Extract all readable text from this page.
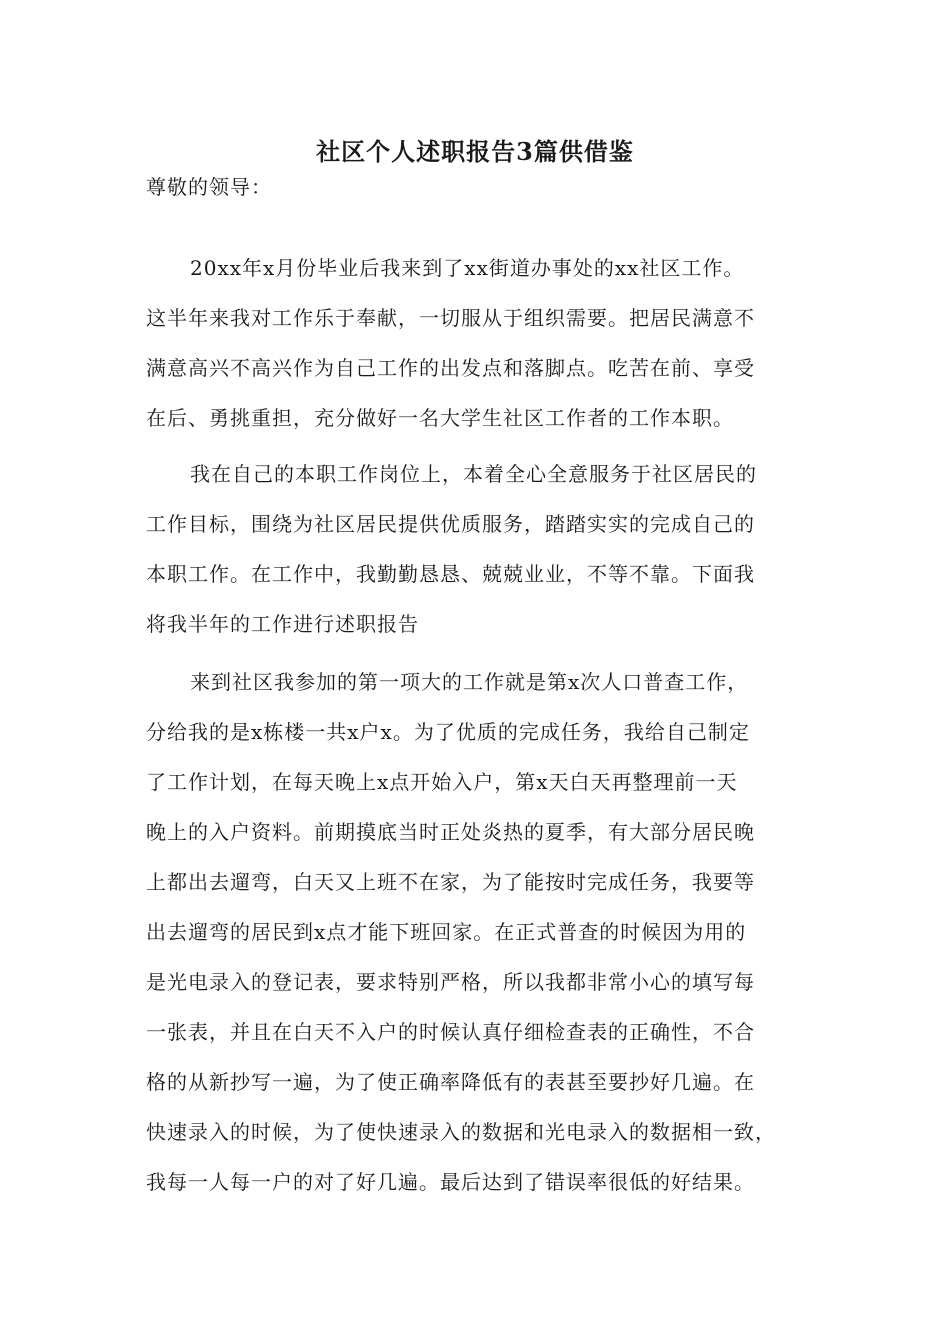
社区个人述职报告3篇供借鉴
尊敬的领导：
20xx年x月份毕业后我来到了xx街道办事处的xx社区工作。
这半年来我对工作乐于奉献，一切服从于组织需要。把居民满意不
满意高兴不高兴作为自己工作的出发点和落脚点。吃苦在前、享受
在后、勇挑重担，充分做好一名大学生社区工作者的工作本职。
我在自己的本职工作岗位上，本着全心全意服务于社区居民的
工作目标，围绕为社区居民提供优质服务，踏踏实实的完成自己的
本职工作。在工作中，我勤勤恳恳、兢兢业业，不等不靠。下面我
将我半年的工作进行述职报告
来到社区我参加的第一项大的工作就是第x次人口普查工作，
分给我的是x栋楼一共x户x。为了优质的完成任务，我给自己制定
了工作计划，在每天晚上x点开始入户，第x天白天再整理前一天
晚上的入户资料。前期摸底当时正处炎热的夏季，有大部分居民晚
上都出去遛弯，白天又上班不在家，为了能按时完成任务，我要等
出去遛弯的居民到x点才能下班回家。在正式普查的时候因为用的
是光电录入的登记表，要求特别严格，所以我都非常小心的填写每
一张表，并且在白天不入户的时候认真仔细检查表的正确性，不合
格的从新抄写一遍，为了使正确率降低有的表甚至要抄好几遍。在
快速录入的时候，为了使快速录入的数据和光电录入的数据相一致，
我每一人每一户的对了好几遍。最后达到了错误率很低的好结果。
